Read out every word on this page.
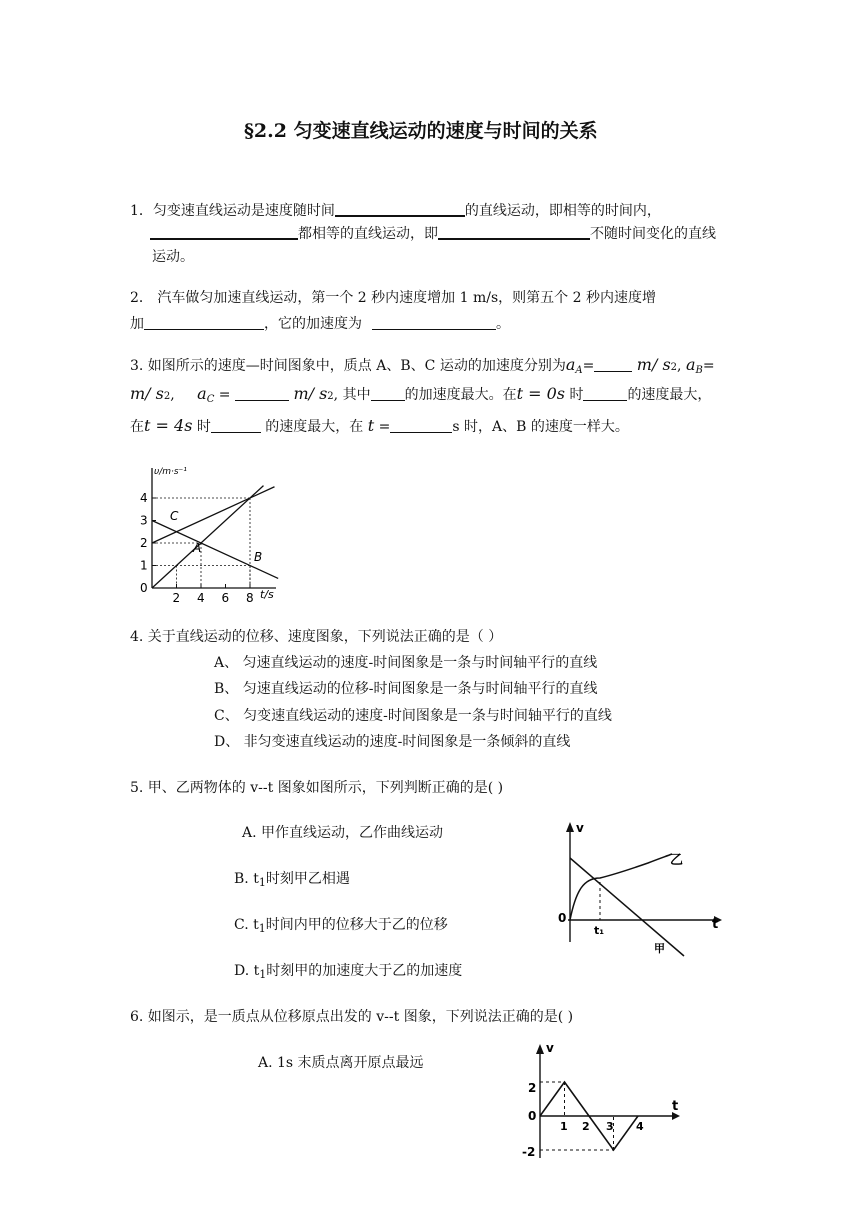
§2.2 匀变速直线运动的速度与时间的关系
1．匀变速直线运动是速度随时间	的直线运动，即相等的时间内，
都相等的直线运动，即	不随时间变化的直线
运动。
2． 汽车做匀加速直线运动，第一个 2 秒内速度增加 1 m/s，则第五个 2 秒内速度增
加	，它的加速度为	。
3. 如图所示的速度—时间图象中，质点 A、B、C 运动的加速度分别为$a_A=$	m/ s2, $a_B=$
m/ s2, $a_C$ =	m/ s2, 其中 的加速度最大。在t = 0s 时	的速度最大，
在t = 4s 时	的速度最大，在 t =	s 时，A、B 的速度一样大。
0
1
2
3
4
2 4 6 8
υ/m·s⁻¹
t/s
C
A
B
4. 关于直线运动的位移、速度图象，下列说法正确的是（ ）
A、 匀速直线运动的速度-时间图象是一条与时间轴平行的直线
B、 匀速直线运动的位移-时间图象是一条与时间轴平行的直线
C、 匀变速直线运动的速度-时间图象是一条与时间轴平行的直线
D、 非匀变速直线运动的速度-时间图象是一条倾斜的直线
5. 甲、乙两物体的 v--t 图象如图所示，下列判断正确的是( )
A. 甲作直线运动，乙作曲线运动
B. $t_1$时刻甲乙相遇
C. $t_1$时间内甲的位移大于乙的位移
D. $t_1$时刻甲的加速度大于乙的加速度
v
t
0
t₁
乙
甲
6. 如图示，是一质点从位移原点出发的 v--t 图象，下列说法正确的是( )
A. 1s 末质点离开原点最远
v
t
2
0
-2
1 2 3 4
